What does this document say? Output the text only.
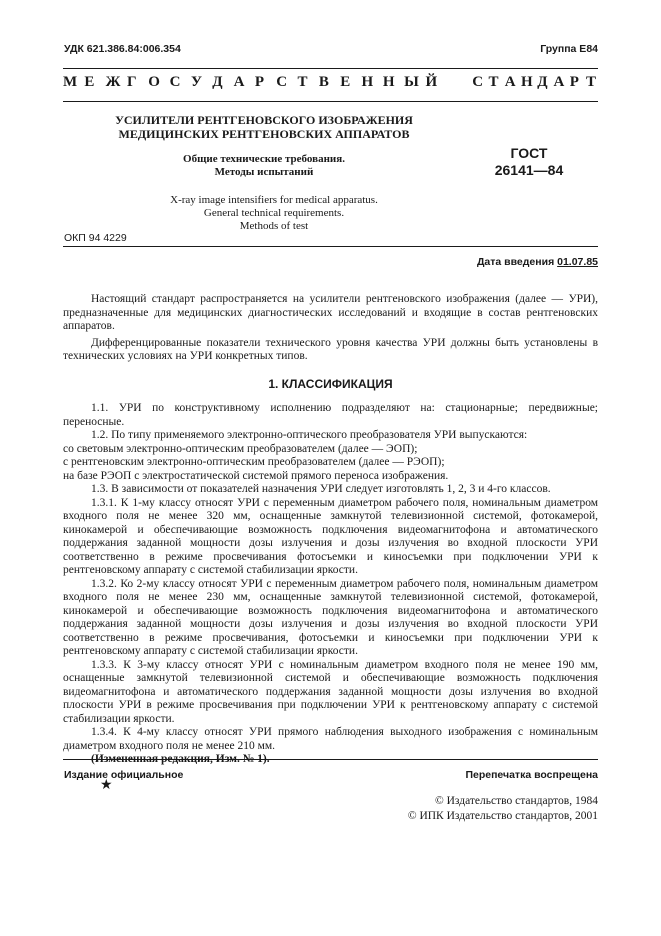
УДК 621.386.84:006.354	Группа Е84
М Е Ж Г О С У Д А Р С Т В Е Н Н Ы Й С Т А Н Д А Р Т
УСИЛИТЕЛИ РЕНТГЕНОВСКОГО ИЗОБРАЖЕНИЯ
МЕДИЦИНСКИХ РЕНТГЕНОВСКИХ АППАРАТОВ
Общие технические требования.
Методы испытаний
ГОСТ
26141—84
X-ray image intensifiers for medical apparatus.
General technical requirements.
Methods of test
ОКП 94 4229
Дата введения 01.07.85

Настоящий стандарт распространяется на усилители рентгеновского изображения (далее — УРИ), предназначенные для медицинских диагностических исследований и входящие в состав рентгеновских аппаратов.

Дифференцированные показатели технического уровня качества УРИ должны быть установлены в технических условиях на УРИ конкретных типов.

1. КЛАССИФИКАЦИЯ

1.1. УРИ по конструктивному исполнению подразделяют на: стационарные; передвижные; переносные.

1.2. По типу применяемого электронно-оптического преобразователя УРИ выпускаются:

со световым электронно-оптическим преобразователем (далее — ЭОП);

с рентгеновским электронно-оптическим преобразователем (далее — РЭОП);

на базе РЭОП с электростатической системой прямого переноса изображения.

1.3. В зависимости от показателей назначения УРИ следует изготовлять 1, 2, 3 и 4-го классов.

1.3.1. К 1-му классу относят УРИ с переменным диаметром рабочего поля, номинальным диаметром входного поля не менее 320 мм, оснащенные замкнутой телевизионной системой, фотокамерой, кинокамерой и обеспечивающие возможность подключения видеомагнитофона и автоматического поддержания заданной мощности дозы излучения и дозы излучения во входной плоскости УРИ соответственно в режиме просвечивания фотосъемки и киносъемки при подключении УРИ к рентгеновскому аппарату с системой стабилизации яркости.

1.3.2. Ко 2-му классу относят УРИ с переменным диаметром рабочего поля, номинальным диаметром входного поля не менее 230 мм, оснащенные замкнутой телевизионной системой, фотокамерой, кинокамерой и обеспечивающие возможность подключения видеомагнитофона и автоматического поддержания заданной мощности дозы излучения и дозы излучения во входной плоскости УРИ соответственно в режиме просвечивания, фотосъемки и киносъемки при подключении УРИ к рентгеновскому аппарату с системой стабилизации яркости.

1.3.3. К 3-му классу относят УРИ с номинальным диаметром входного поля не менее 190 мм, оснащенные замкнутой телевизионной системой и обеспечивающие возможность подключения видеомагнитофона и автоматического поддержания заданной мощности дозы излучения во входной плоскости УРИ в режиме просвечивания при подключении УРИ к рентгеновскому аппарату с системой стабилизации яркости.

1.3.4. К 4-му классу относят УРИ прямого наблюдения выходного изображения с номинальным диаметром входного поля не менее 210 мм.

(Измененная редакция, Изм. № 1).

Издание официальное
★
Перепечатка воспрещена
© Издательство стандартов, 1984
© ИПК Издательство стандартов, 2001
